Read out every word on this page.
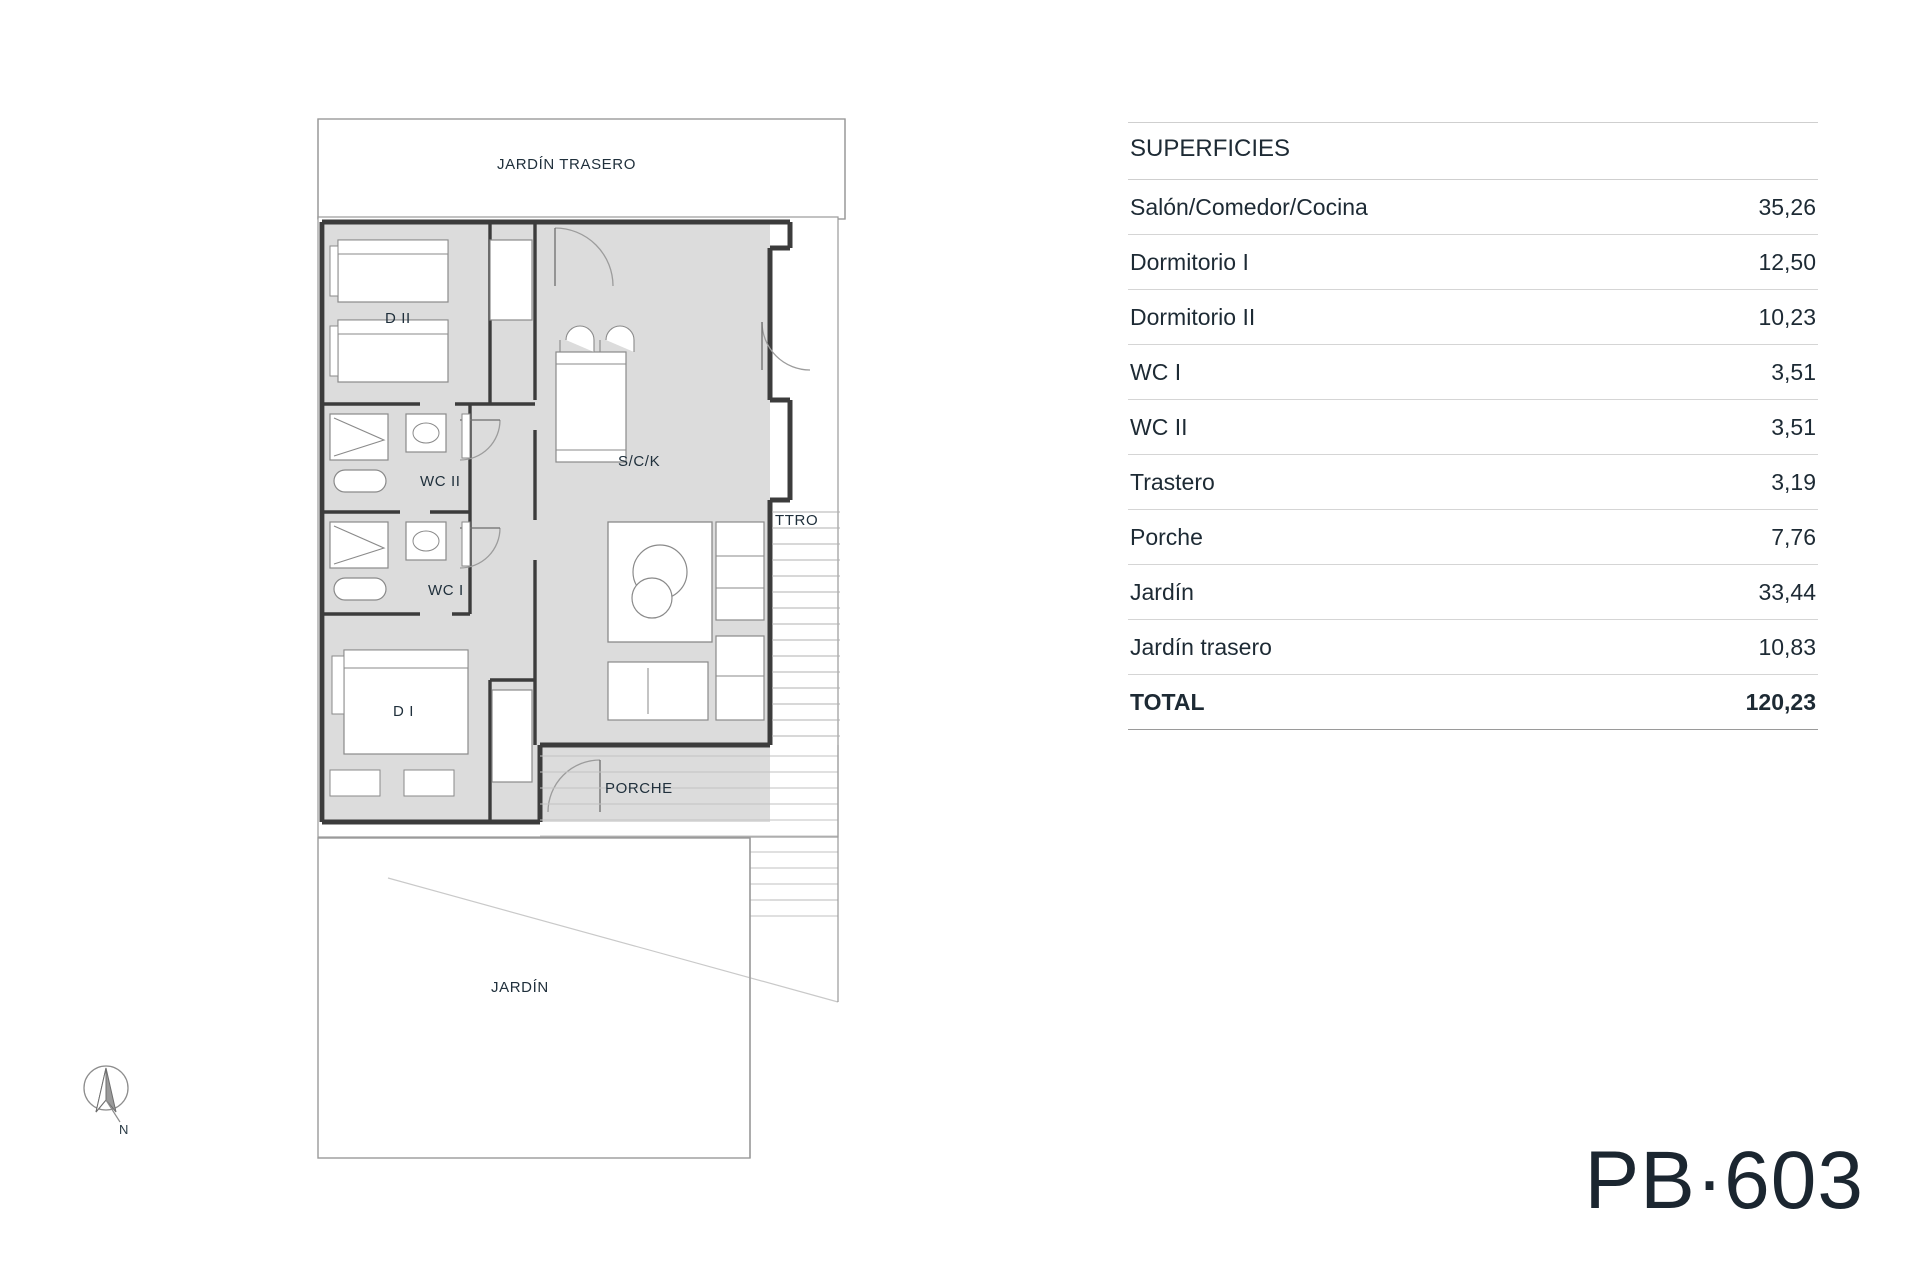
JARDÍN TRASERO
D II
WC II
WC I
S/C/K
TTRO
D I
PORCHE
JARDÍN
N
SUPERFICIES
Salón/Comedor/Cocina	35,26
Dormitorio I	12,50
Dormitorio II	10,23
WC I	3,51
WC II	3,51
Trastero	3,19
Porche	7,76
Jardín	33,44
Jardín trasero	10,83
TOTAL	120,23
PB·603
